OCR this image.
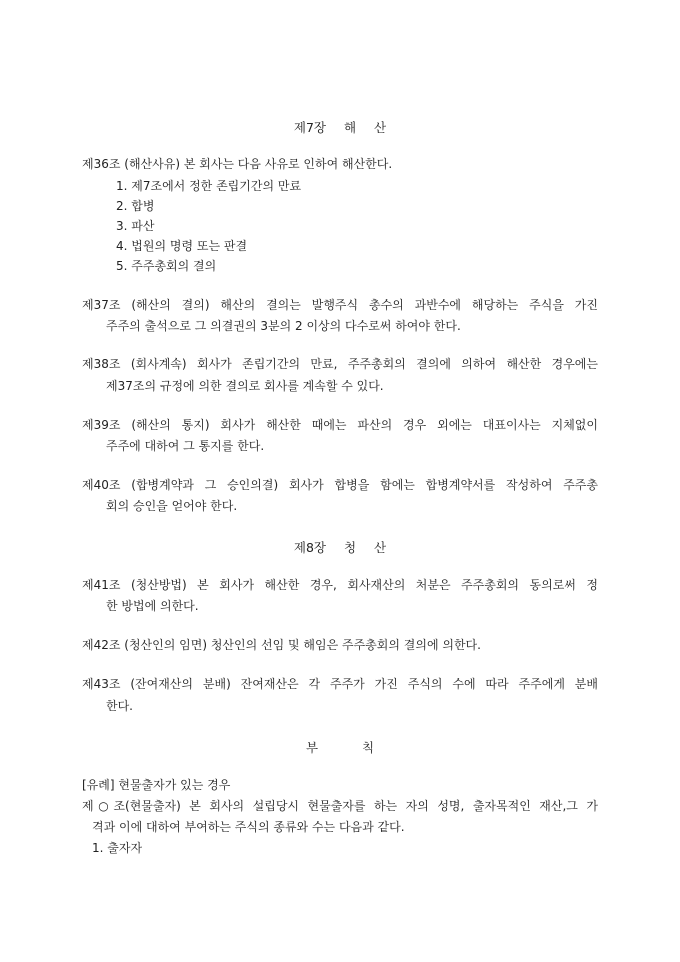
제7장 해 산
제36조 (해산사유) 본 회사는 다음 사유로 인하여 해산한다.
1. 제7조에서 정한 존립기간의 만료
2. 합병
3. 파산
4. 법원의 명령 또는 판결
5. 주주총회의 결의
제37조 (해산의 결의) 해산의 결의는 발행주식 총수의 과반수에 해당하는 주식을 가진
주주의 출석으로 그 의결권의 3분의 2 이상의 다수로써 하여야 한다.
제38조 (회사계속) 회사가 존립기간의 만료, 주주총회의 결의에 의하여 해산한 경우에는
제37조의 규정에 의한 결의로 회사를 계속할 수 있다.
제39조 (해산의 통지) 회사가 해산한 때에는 파산의 경우 외에는 대표이사는 지체없이
주주에 대하여 그 통지를 한다.
제40조 (합병계약과 그 승인의결) 회사가 합병을 함에는 합병계약서를 작성하여 주주총
회의 승인을 얻어야 한다.
제8장 청 산
제41조 (청산방법) 본 회사가 해산한 경우, 회사재산의 처분은 주주총회의 동의로써 정
한 방법에 의한다.
제42조 (청산인의 임면) 청산인의 선임 및 해임은 주주총회의 결의에 의한다.
제43조 (잔여재산의 분배) 잔여재산은 각 주주가 가진 주식의 수에 따라 주주에게 분배
한다.
부 칙
[유례] 현물출자가 있는 경우
제○조(현물출자) 본 회사의 설립당시 현물출자를 하는 자의 성명, 출자목적인 재산,그 가
격과 이에 대하여 부여하는 주식의 종류와 수는 다음과 같다.
1. 출자자
